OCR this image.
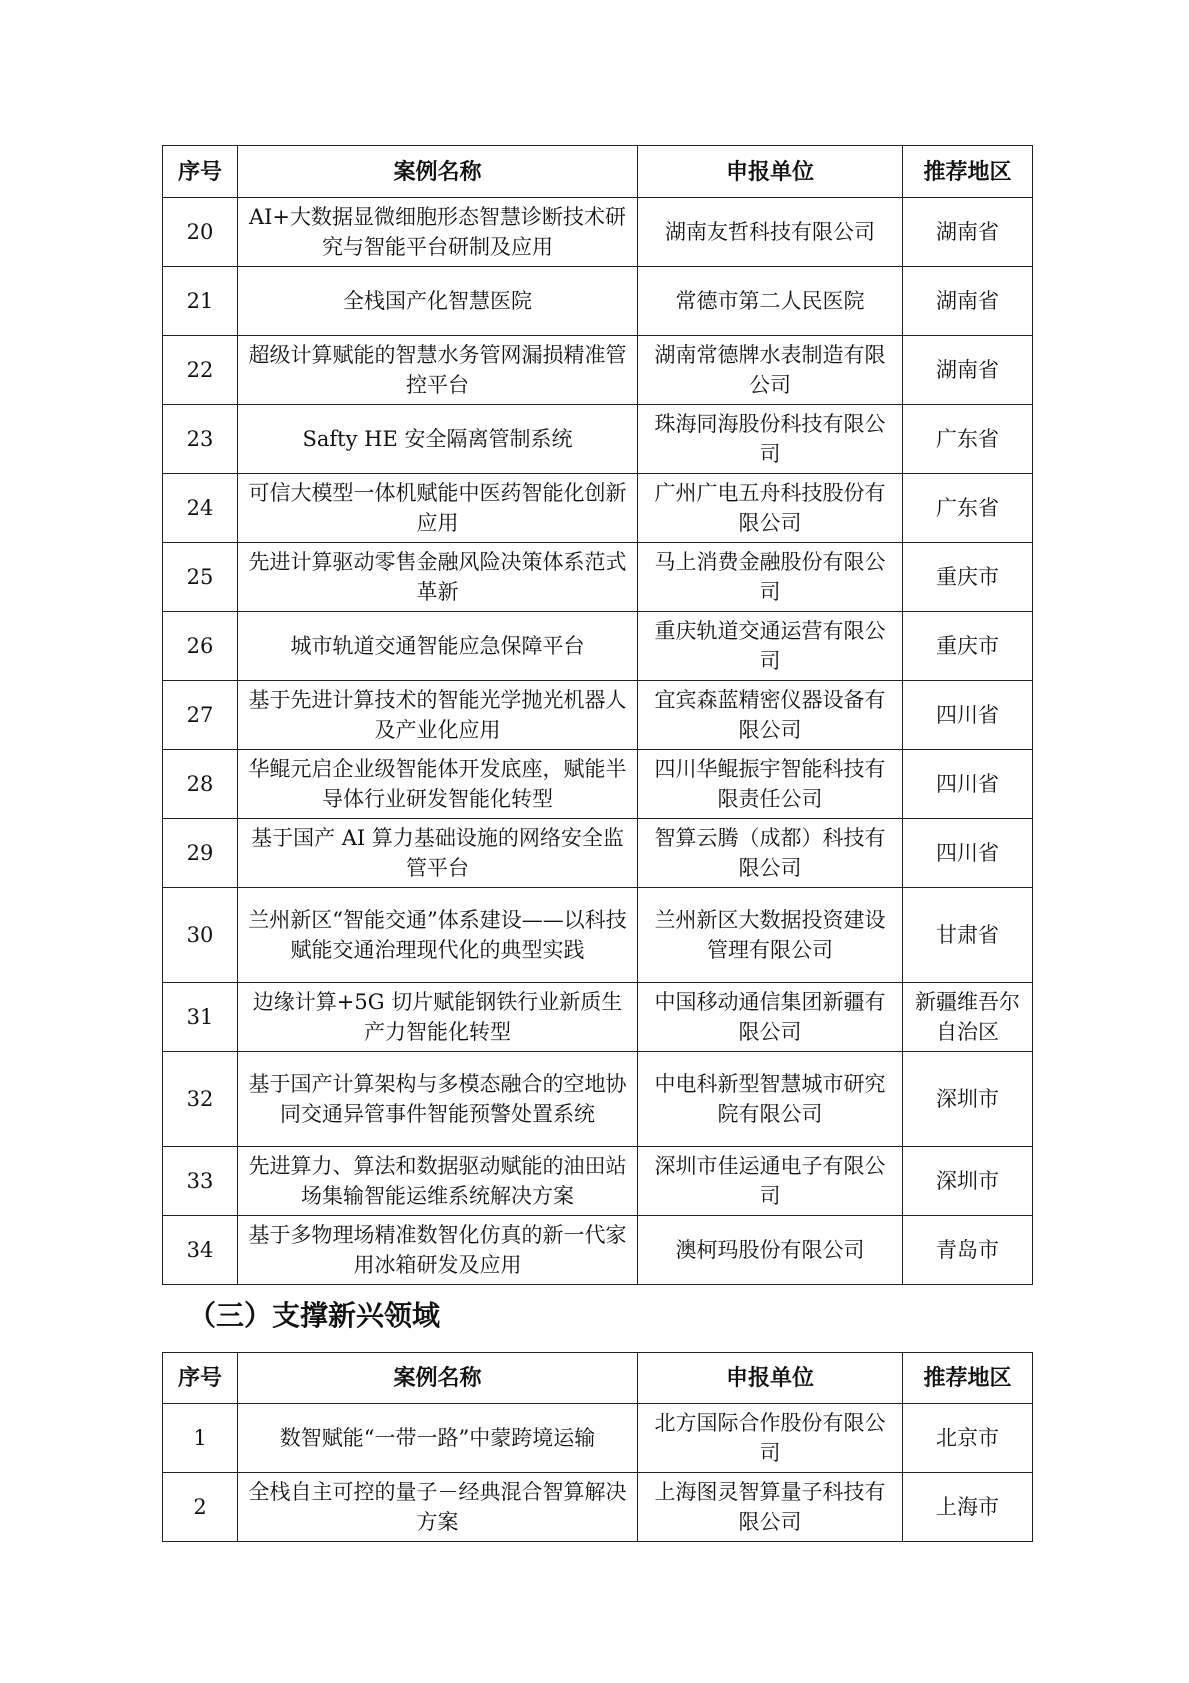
序号	案例名称	申报单位	推荐地区
20	AI+大数据显微细胞形态智慧诊断技术研究与智能平台研制及应用	湖南友哲科技有限公司	湖南省
21	全栈国产化智慧医院	常德市第二人民医院	湖南省
22	超级计算赋能的智慧水务管网漏损精准管控平台	湖南常德牌水表制造有限公司	湖南省
23	Safty HE 安全隔离管制系统	珠海同海股份科技有限公司	广东省
24	可信大模型一体机赋能中医药智能化创新应用	广州广电五舟科技股份有限公司	广东省
25	先进计算驱动零售金融风险决策体系范式革新	马上消费金融股份有限公司	重庆市
26	城市轨道交通智能应急保障平台	重庆轨道交通运营有限公司	重庆市
27	基于先进计算技术的智能光学抛光机器人及产业化应用	宜宾森蓝精密仪器设备有限公司	四川省
28	华鲲元启企业级智能体开发底座，赋能半导体行业研发智能化转型	四川华鲲振宇智能科技有限责任公司	四川省
29	基于国产 AI 算力基础设施的网络安全监管平台	智算云腾（成都）科技有限公司	四川省
30	兰州新区“智能交通”体系建设——以科技赋能交通治理现代化的典型实践	兰州新区大数据投资建设管理有限公司	甘肃省
31	边缘计算+5G 切片赋能钢铁行业新质生产力智能化转型	中国移动通信集团新疆有限公司	新疆维吾尔自治区
32	基于国产计算架构与多模态融合的空地协同交通异管事件智能预警处置系统	中电科新型智慧城市研究院有限公司	深圳市
33	先进算力、算法和数据驱动赋能的油田站场集输智能运维系统解决方案	深圳市佳运通电子有限公司	深圳市
34	基于多物理场精准数智化仿真的新一代家用冰箱研发及应用	澳柯玛股份有限公司	青岛市
（三）支撑新兴领域
序号	案例名称	申报单位	推荐地区
1	数智赋能“一带一路”中蒙跨境运输	北方国际合作股份有限公司	北京市
2	全栈自主可控的量子－经典混合智算解决方案	上海图灵智算量子科技有限公司	上海市
